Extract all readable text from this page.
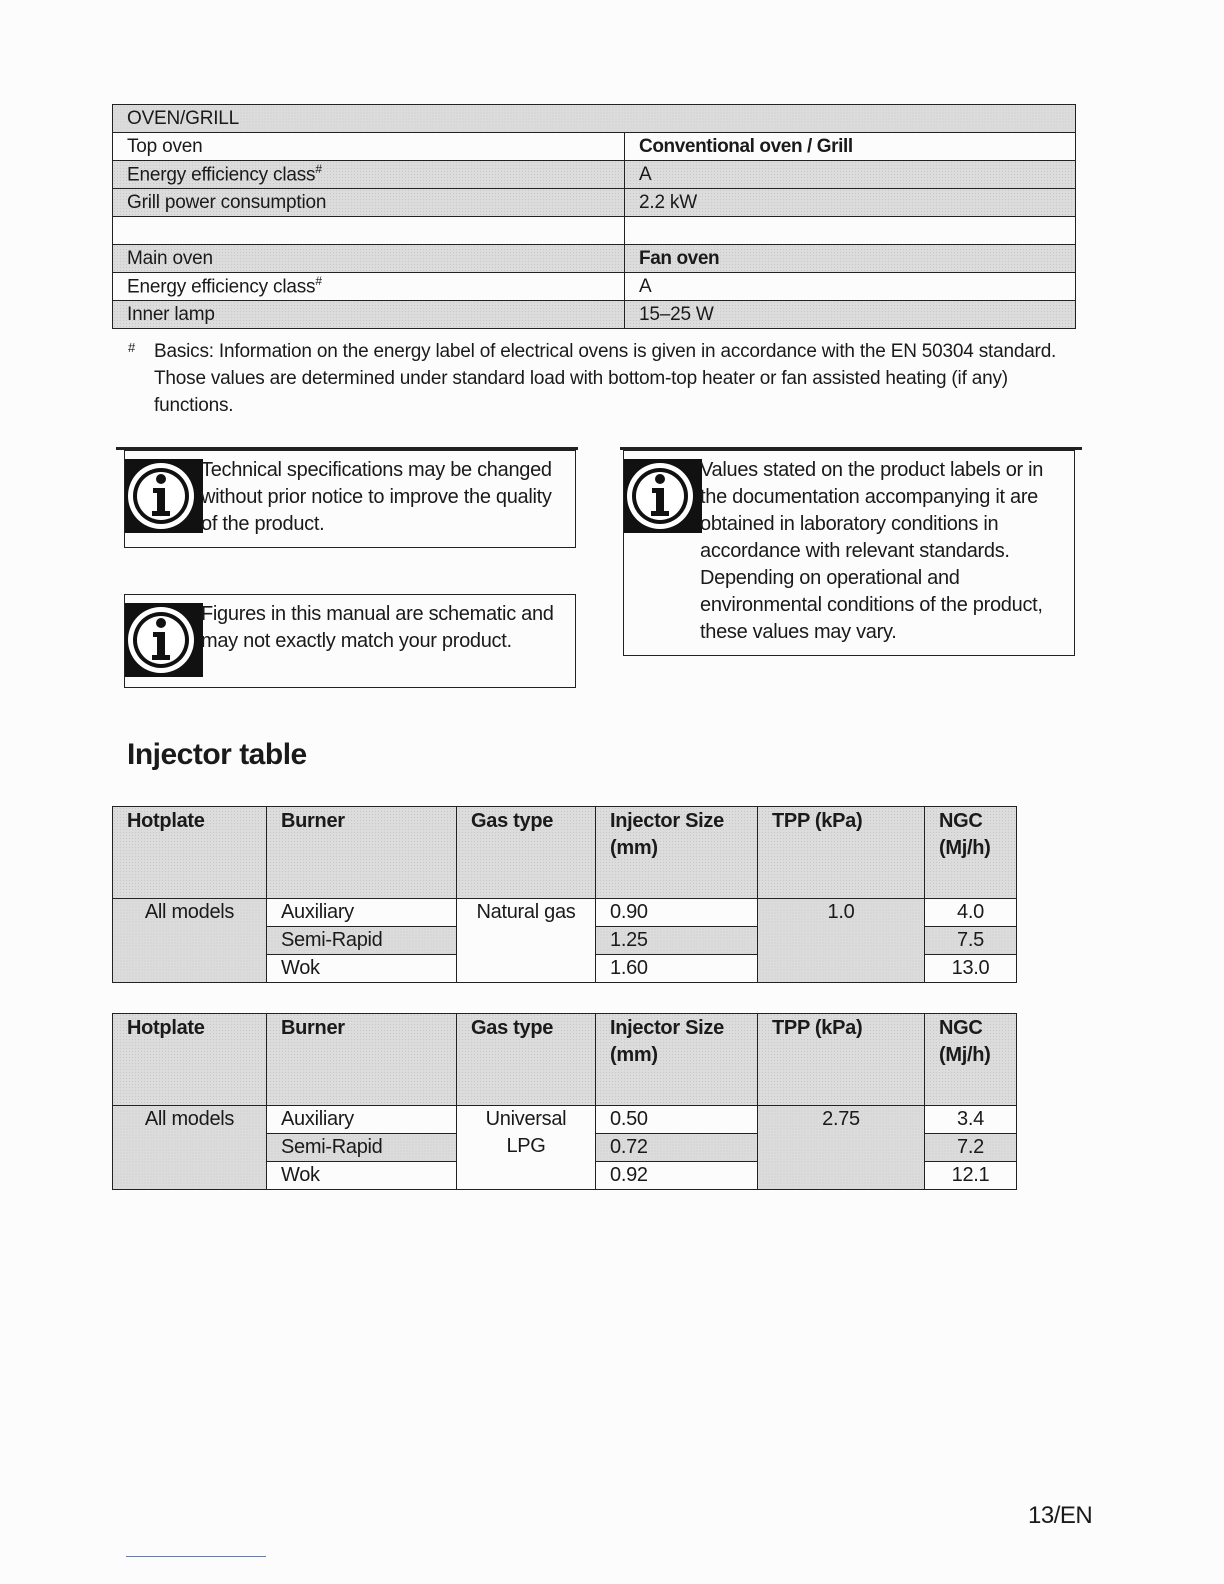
OVEN/GRILL	
Top oven	Conventional oven / Grill
Energy efficiency class#	A
Grill power consumption	2.2 kW

Main oven	Fan oven
Energy efficiency class#	A
Inner lamp	15–25 W
# Basics: Information on the energy label of electrical ovens is given in accordance with the EN 50304 standard. Those values are determined under standard load with bottom-top heater or fan assisted heating (if any) functions.
Technical specifications may be changed without prior notice to improve the quality of the product.
Figures in this manual are schematic and may not exactly match your product.
Values stated on the product labels or in the documentation accompanying it are obtained in laboratory conditions in accordance with relevant standards. Depending on operational and environmental conditions of the product, these values may vary.
Injector table
Hotplate	Burner	Gas type	Injector Size (mm)	TPP (kPa)	NGC (Mj/h)
All models	Auxiliary	Natural gas	0.90	1.0	4.0
	Semi-Rapid		1.25		7.5
	Wok		1.60		13.0
Hotplate	Burner	Gas type	Injector Size (mm)	TPP (kPa)	NGC (Mj/h)
All models	Auxiliary	Universal LPG	0.50	2.75	3.4
	Semi-Rapid		0.72		7.2
	Wok		0.92		12.1
13/EN
